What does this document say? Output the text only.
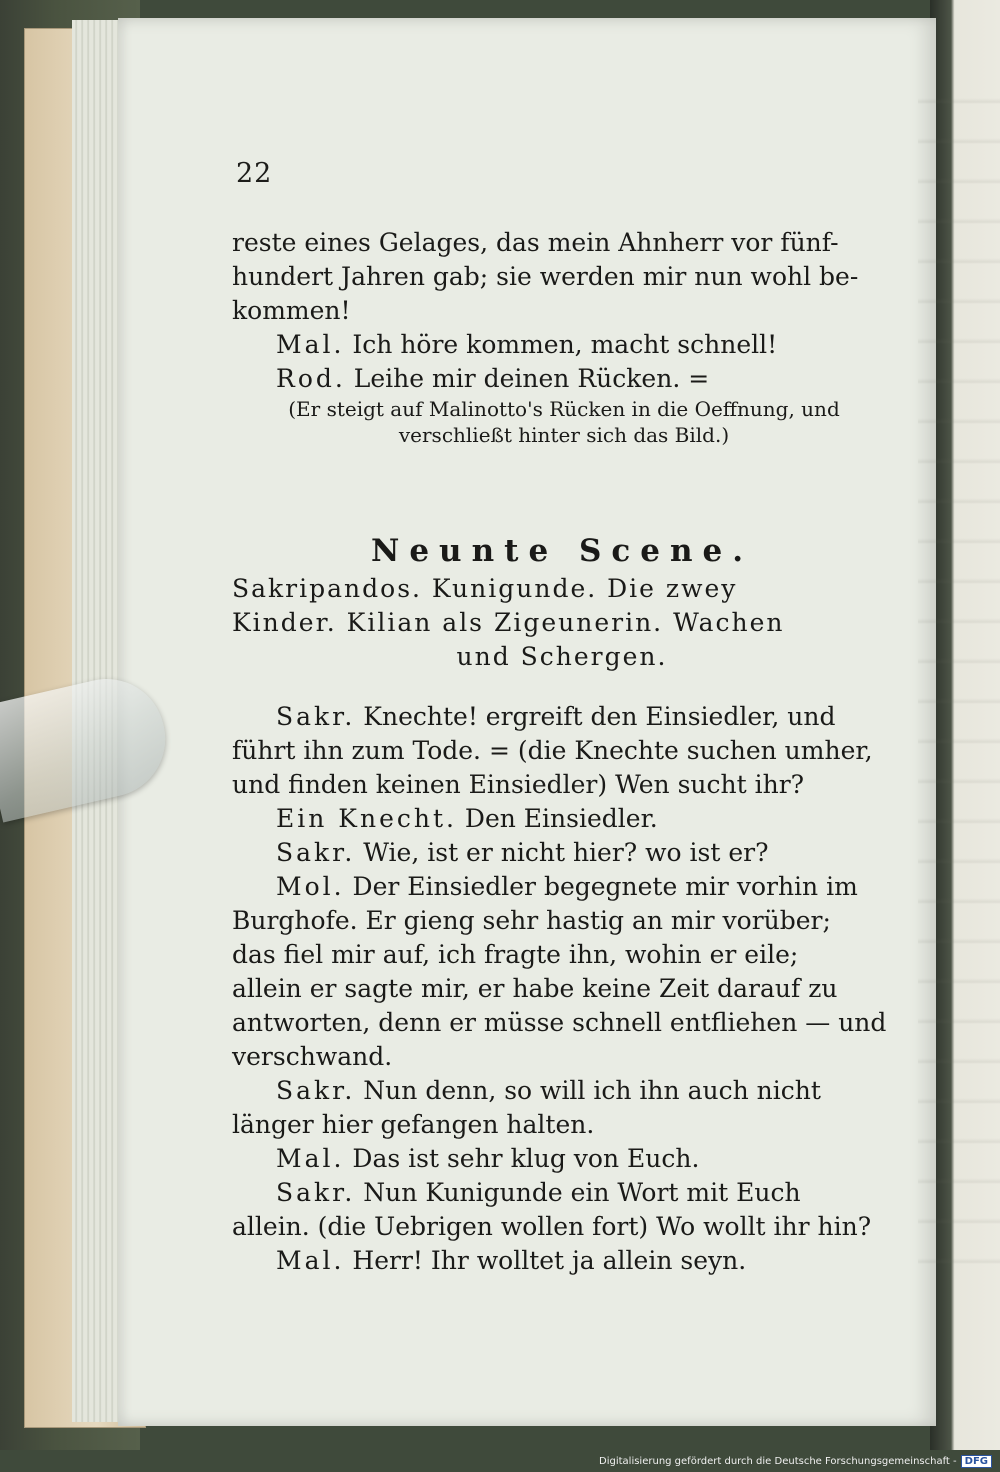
22

reste eines Gelages, das mein Ahnherr vor fünf-

hundert Jahren gab; sie werden mir nun wohl be-

kommen!

Mal. Ich höre kommen, macht schnell!

Rod. Leihe mir deinen Rücken. =

(Er steigt auf Malinotto's Rücken in die Oeffnung, und

verschließt hinter sich das Bild.)

Neunte Scene.

Sakripandos. Kunigunde. Die zwey

Kinder. Kilian als Zigeunerin. Wachen

und Schergen.

Sakr. Knechte! ergreift den Einsiedler, und

führt ihn zum Tode. = (die Knechte suchen umher,

und finden keinen Einsiedler) Wen sucht ihr?

Ein Knecht. Den Einsiedler.

Sakr. Wie, ist er nicht hier? wo ist er?

Mol. Der Einsiedler begegnete mir vorhin im

Burghofe. Er gieng sehr hastig an mir vorüber;

das fiel mir auf, ich fragte ihn, wohin er eile;

allein er sagte mir, er habe keine Zeit darauf zu

antworten, denn er müsse schnell entfliehen — und

verschwand.

Sakr. Nun denn, so will ich ihn auch nicht

länger hier gefangen halten.

Mal. Das ist sehr klug von Euch.

Sakr. Nun Kunigunde ein Wort mit Euch

allein. (die Uebrigen wollen fort) Wo wollt ihr hin?

Mal. Herr! Ihr wolltet ja allein seyn.

Digitalisierung gefördert durch die Deutsche Forschungsgemeinschaft - DFG
